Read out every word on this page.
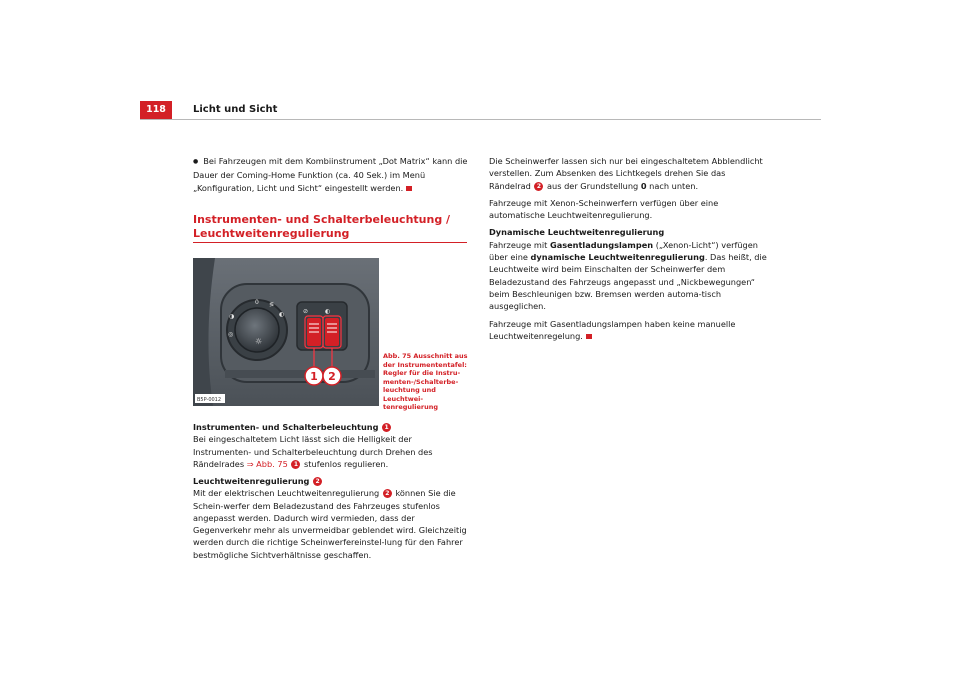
118	Licht und Sicht
● Bei Fahrzeugen mit dem Kombiinstrument „Dot Matrix“ kann die Dauer der Coming-Home Funktion (ca. 40 Sek.) im Menü „Konfiguration, Licht und Sicht“ eingestellt werden.
Instrumenten- und Schalterbeleuchtung / Leuchtweitenregulierung
☼
0 ≶
◐
◑
◎
⊘	◐
1 2
B5P-0012
Abb. 75 Ausschnitt aus der Instrumententafel: Regler für die Instru-menten-/Schalterbe-leuchtung und Leuchtwei-tenregulierung
Instrumenten- und Schalterbeleuchtung 1
Bei eingeschaltetem Licht lässt sich die Helligkeit der Instrumenten- und Schalterbeleuchtung durch Drehen des Rändelrades ⇒ Abb. 75 1 stufenlos regulieren.
Leuchtweitenregulierung 2
Mit der elektrischen Leuchtweitenregulierung 2 können Sie die Schein-werfer dem Beladezustand des Fahrzeuges stufenlos angepasst werden. Dadurch wird vermieden, dass der Gegenverkehr mehr als unvermeidbar geblendet wird. Gleichzeitig werden durch die richtige Scheinwerfereinstel-lung für den Fahrer bestmögliche Sichtverhältnisse geschaffen.
Die Scheinwerfer lassen sich nur bei eingeschaltetem Abblendlicht verstellen. Zum Absenken des Lichtkegels drehen Sie das Rändelrad 2 aus der Grundstellung 0 nach unten.
Fahrzeuge mit Xenon-Scheinwerfern verfügen über eine automatische Leuchtweitenregulierung.
Dynamische Leuchtweitenregulierung
Fahrzeuge mit Gasentladungslampen („Xenon-Licht“) verfügen über eine dynamische Leuchtweitenregulierung. Das heißt, die Leuchtweite wird beim Einschalten der Scheinwerfer dem Beladezustand des Fahrzeugs angepasst und „Nickbewegungen“ beim Beschleunigen bzw. Bremsen werden automa-tisch ausgeglichen.
Fahrzeuge mit Gasentladungslampen haben keine manuelle Leuchtweitenregelung.
